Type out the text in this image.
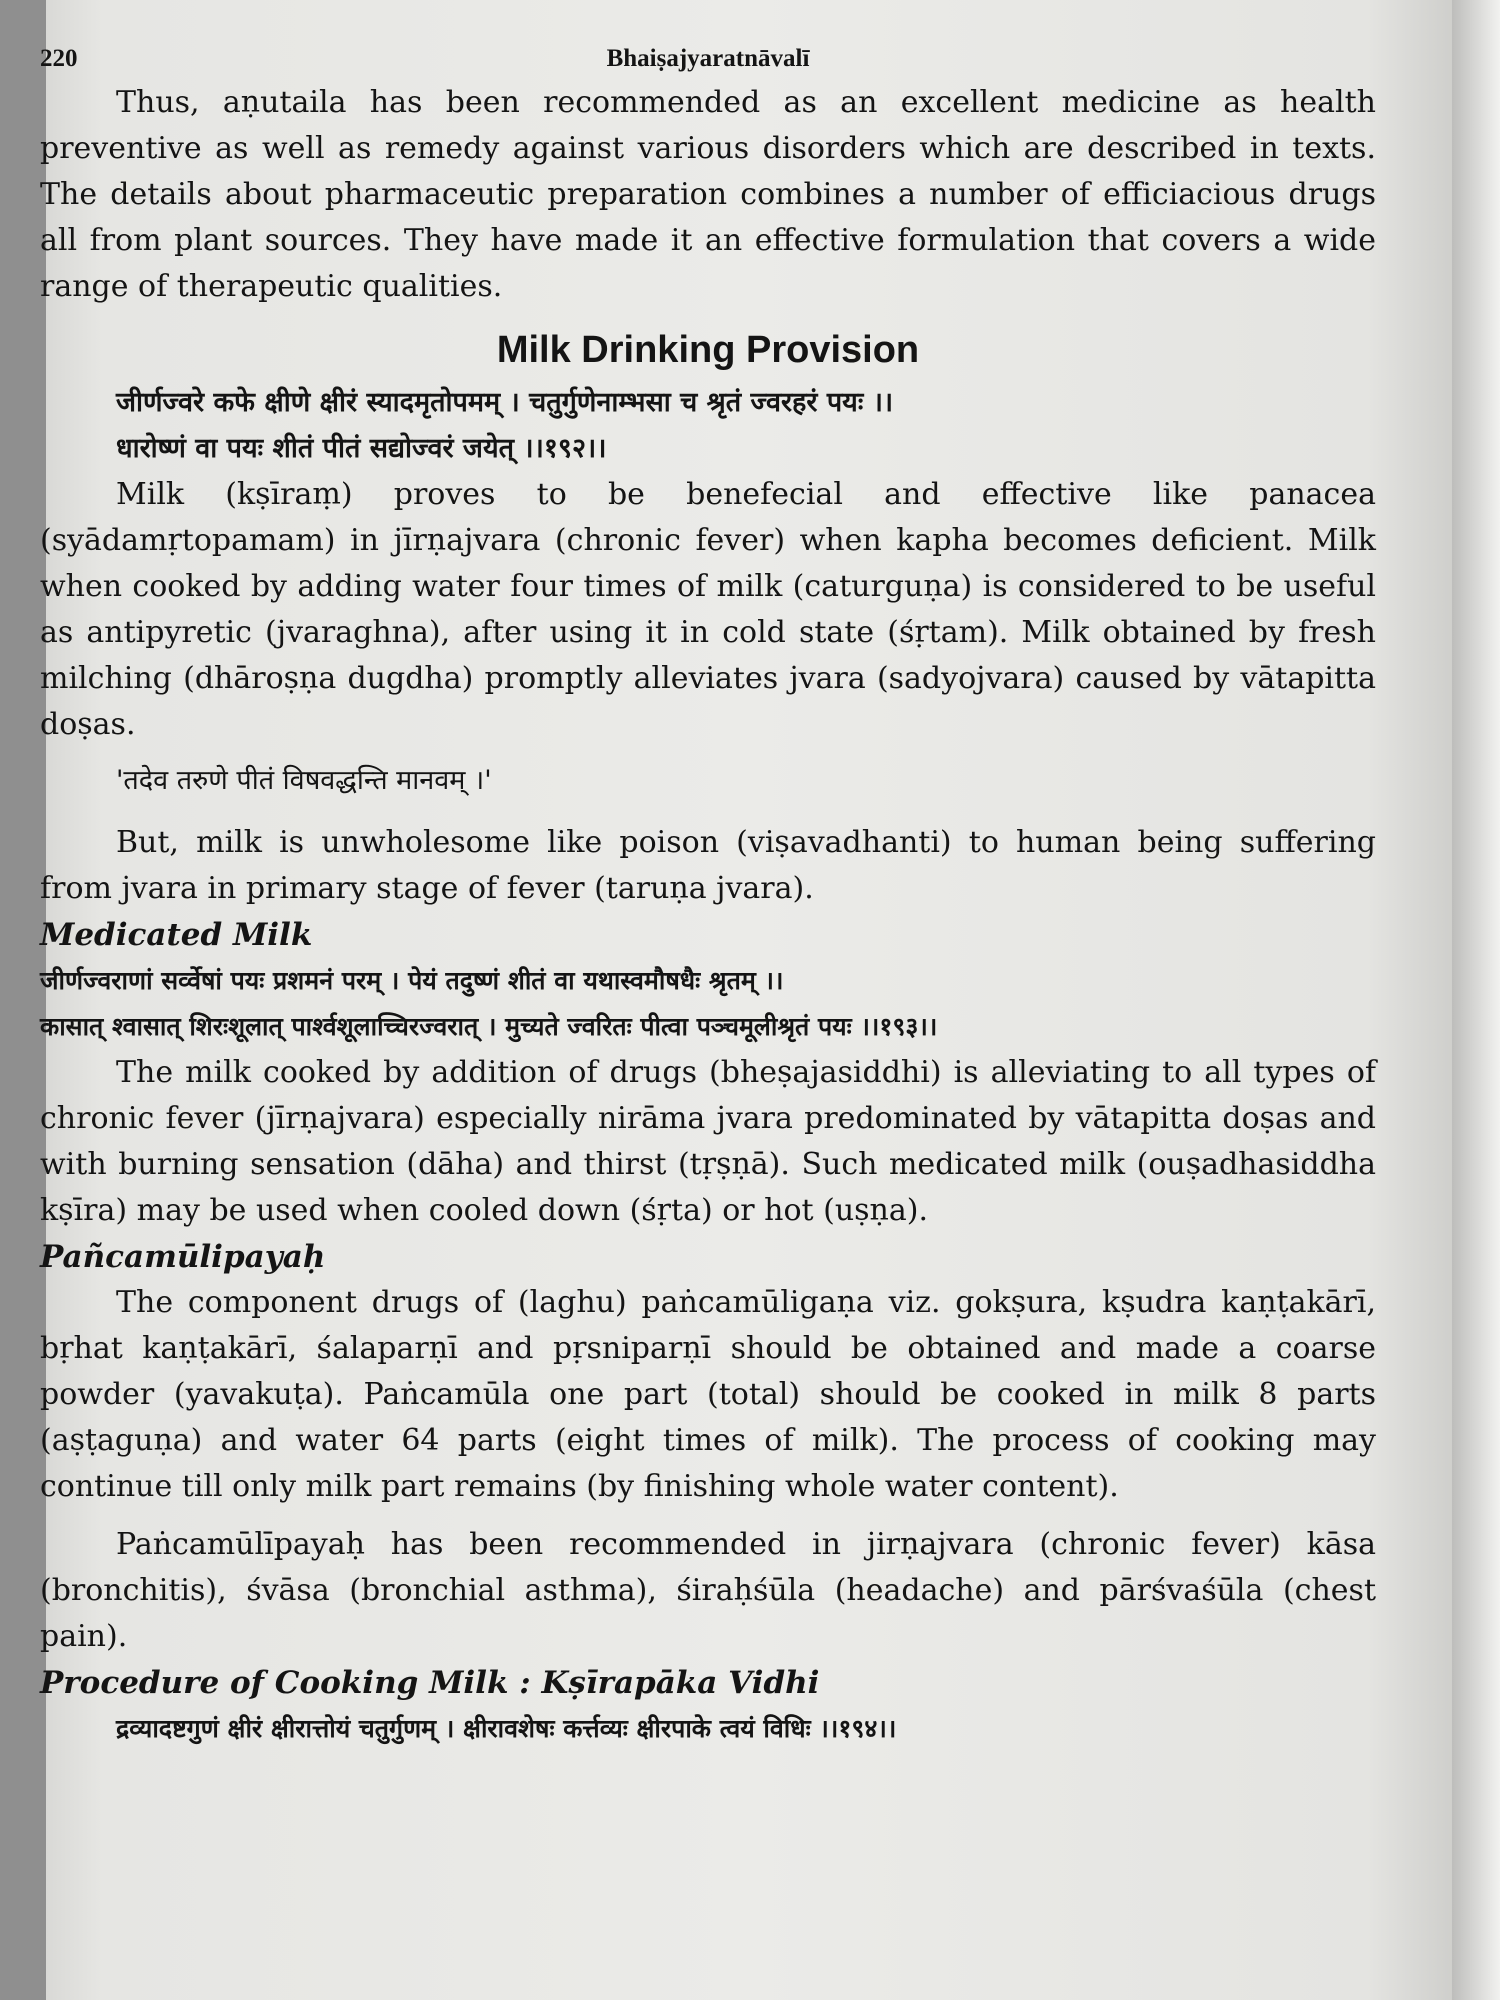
220	Bhaiṣajyaratnāvalī

Thus, aṇutaila has been recommended as an excellent medicine as health preventive as well as remedy against various disorders which are described in texts. The details about pharmaceutic preparation combines a number of efficiacious drugs all from plant sources. They have made it an effective formulation that covers a wide range of therapeutic qualities.

Milk Drinking Provision
जीर्णज्वरे कफे क्षीणे क्षीरं स्यादमृतोपमम् । चतुर्गुणेनाम्भसा च श्रृतं ज्वरहरं पयः ।।
धारोष्णं वा पयः शीतं पीतं सद्योज्वरं जयेत् ।।१९२।।

Milk (kṣīraṃ) proves to be benefecial and effective like panacea (syādamṛtopamam) in jīrṇajvara (chronic fever) when kapha becomes deficient. Milk when cooked by adding water four times of milk (caturguṇa) is considered to be useful as antipyretic (jvaraghna), after using it in cold state (śṛtam). Milk obtained by fresh milching (dhāroṣṇa dugdha) promptly alleviates jvara (sadyojvara) caused by vātapitta doṣas.

'तदेव तरुणे पीतं विषवद्धन्ति मानवम् ।'

But, milk is unwholesome like poison (viṣavadhanti) to human being suffering from jvara in primary stage of fever (taruṇa jvara).

Medicated Milk
जीर्णज्वराणां सर्व्वेषां पयः प्रशमनं परम् । पेयं तदुष्णं शीतं वा यथास्वमौषधैः श्रृतम् ।।
कासात् श्वासात् शिरःशूलात् पार्श्वशूलाच्चिरज्वरात् । मुच्यते ज्वरितः पीत्वा पञ्चमूलीश्रृतं पयः ।।१९३।।

The milk cooked by addition of drugs (bheṣajasiddhi) is alleviating to all types of chronic fever (jīrṇajvara) especially nirāma jvara predominated by vātapitta doṣas and with burning sensation (dāha) and thirst (tṛṣṇā). Such medicated milk (ouṣadhasiddha kṣīra) may be used when cooled down (śṛta) or hot (uṣṇa).

Pañcamūlipayaḥ

The component drugs of (laghu) paṅcamūligaṇa viz. gokṣura, kṣudra kaṇṭakārī, bṛhat kaṇṭakārī, śalaparṇī and pṛsniparṇī should be obtained and made a coarse powder (yavakuṭa). Paṅcamūla one part (total) should be cooked in milk 8 parts (aṣṭaguṇa) and water 64 parts (eight times of milk). The process of cooking may continue till only milk part remains (by finishing whole water content).

Paṅcamūlīpayaḥ has been recommended in jirṇajvara (chronic fever) kāsa (bronchitis), śvāsa (bronchial asthma), śiraḥśūla (headache) and pārśvaśūla (chest pain).

Procedure of Cooking Milk : Kṣīrapāka Vidhi
द्रव्यादष्टगुणं क्षीरं क्षीरात्तोयं चतुर्गुणम् । क्षीरावशेषः कर्त्तव्यः क्षीरपाके त्वयं विधिः ।।१९४।।
